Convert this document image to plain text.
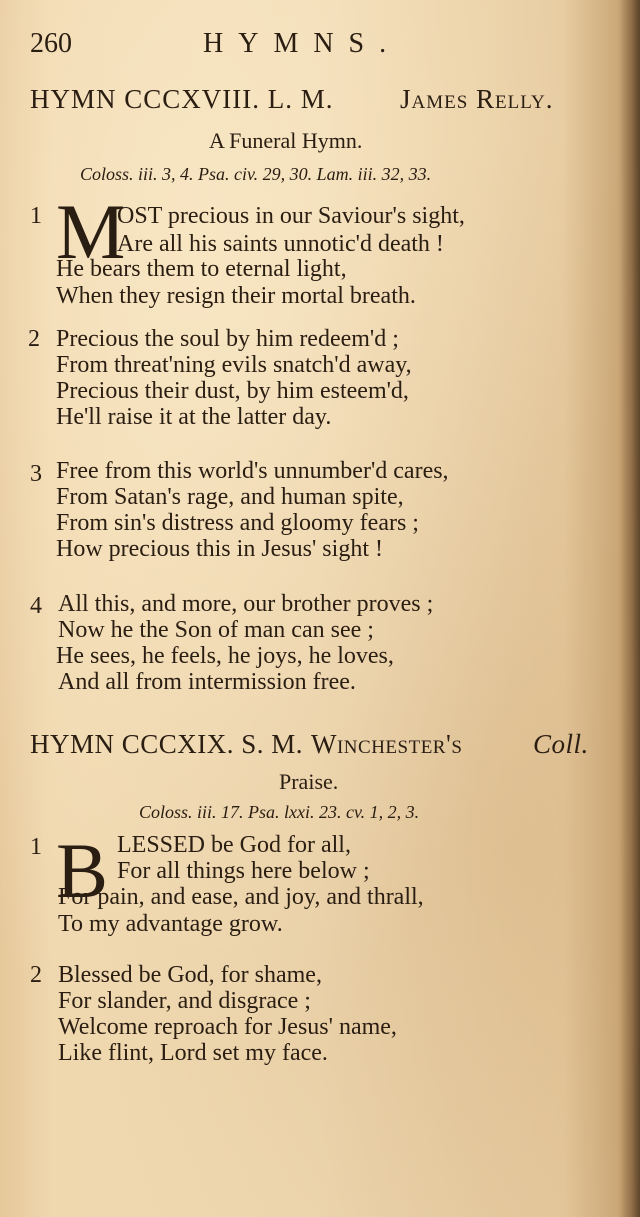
260	HYMNS.
HYMN CCCXVIII. L. M. James Relly.
A Funeral Hymn.
Coloss. iii. 3, 4. Psa. civ. 29, 30. Lam. iii. 32, 33.
1 M
OST precious in our Saviour's sight,
Are all his saints unnotic'd death !
He bears them to eternal light,
When they resign their mortal breath.
2 Precious the soul by him redeem'd ;
From threat'ning evils snatch'd away,
Precious their dust, by him esteem'd,
He'll raise it at the latter day.
3 Free from this world's unnumber'd cares,
From Satan's rage, and human spite,
From sin's distress and gloomy fears ;
How precious this in Jesus' sight !
4 All this, and more, our brother proves ;
Now he the Son of man can see ;
He sees, he feels, he joys, he loves,
And all from intermission free.
HYMN CCCXIX. S. M. Winchester's	Coll.
Praise.
Coloss. iii. 17. Psa. lxxi. 23. cv. 1, 2, 3.
1 B LESSED be God for all,
For all things here below ;
For pain, and ease, and joy, and thrall,
To my advantage grow.
2 Blessed be God, for shame,
For slander, and disgrace ;
Welcome reproach for Jesus' name,
Like flint, Lord set my face.
